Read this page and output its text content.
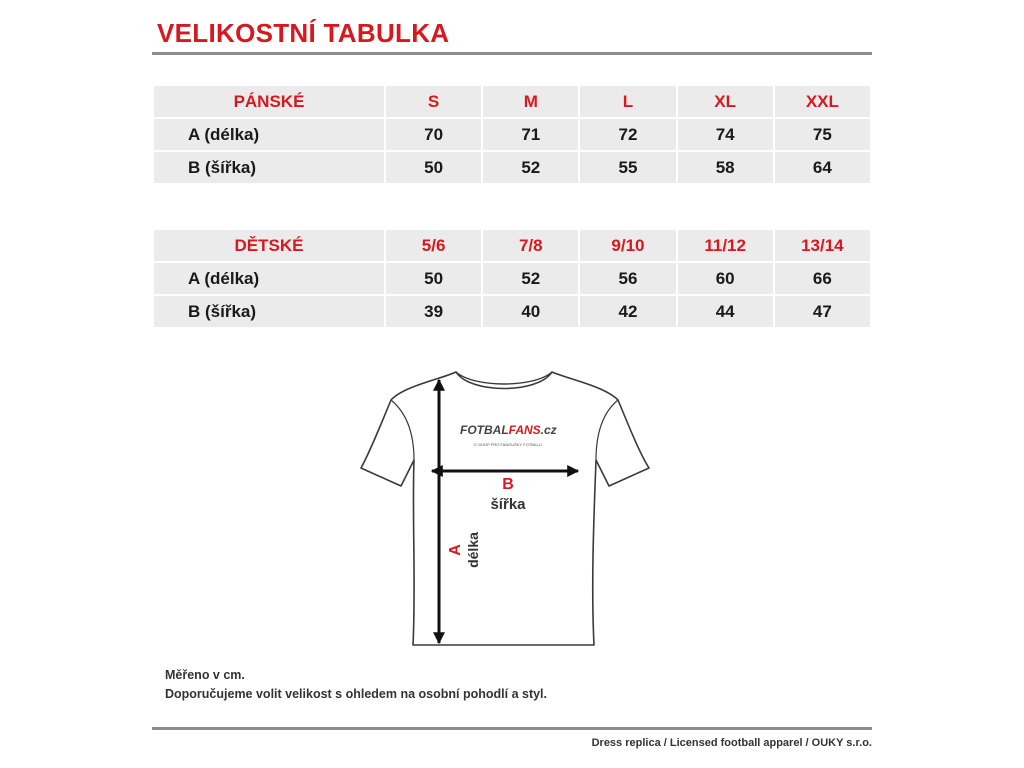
VELIKOSTNÍ TABULKA
PÁNSKÉ	S	M	L	XL	XXL
A (délka)	70	71	72	74	75
B (šířka)	50	52	55	58	64
DĚTSKÉ	5/6	7/8	9/10	11/12	13/14
A (délka)	50	52	56	60	66
B (šířka)	39	40	42	44	47
FOTBALFANS.cz
E-SHOP PRO FANOUŠKY FOTBALU
B
šířka
A délka
Měřeno v cm.
Doporučujeme volit velikost s ohledem na osobní pohodlí a styl.
Dress replica / Licensed football apparel / OUKY s.r.o.
